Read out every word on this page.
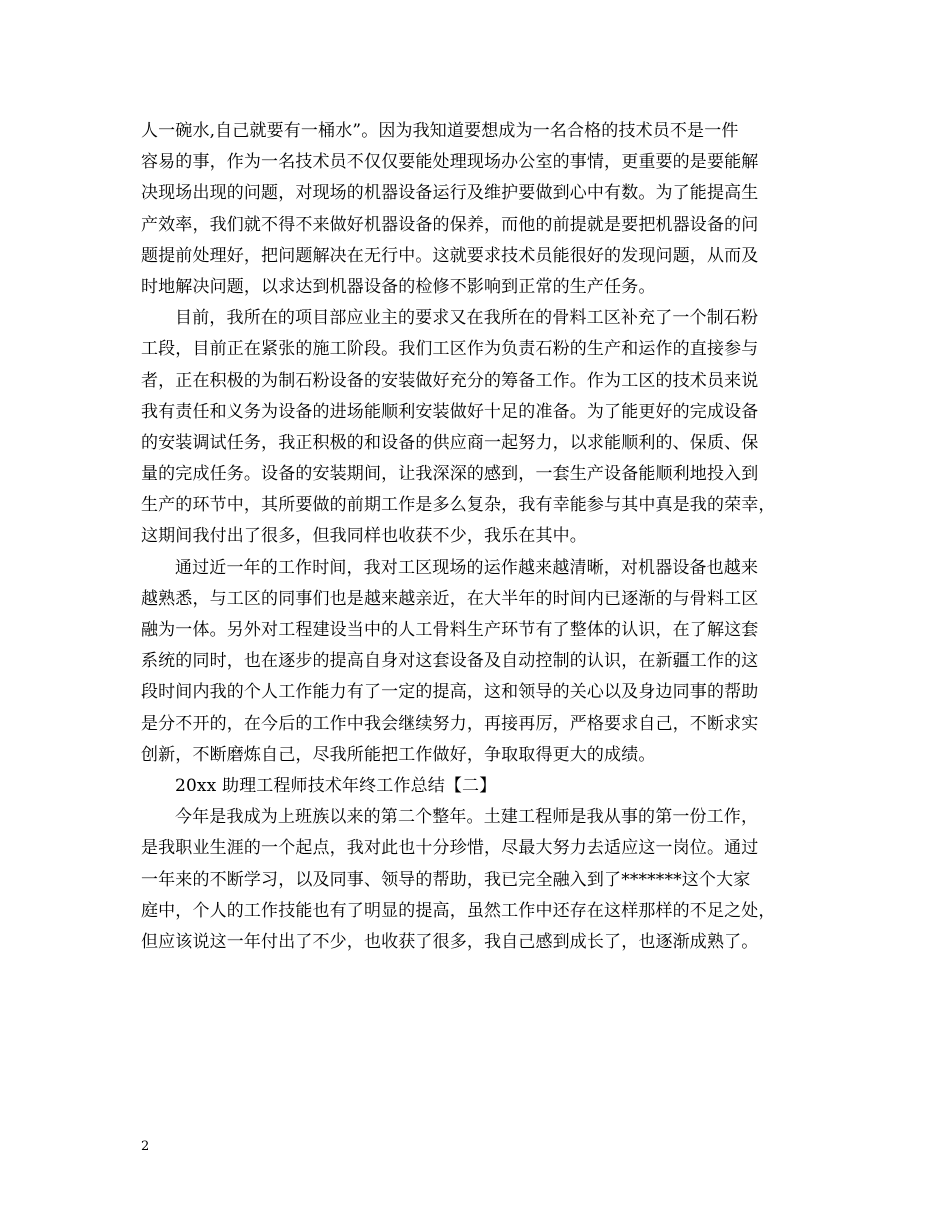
人一碗水,自己就要有一桶水”。因为我知道要想成为一名合格的技术员不是一件
容易的事，作为一名技术员不仅仅要能处理现场办公室的事情，更重要的是要能解
决现场出现的问题，对现场的机器设备运行及维护要做到心中有数。为了能提高生
产效率，我们就不得不来做好机器设备的保养，而他的前提就是要把机器设备的问
题提前处理好，把问题解决在无行中。这就要求技术员能很好的发现问题，从而及
时地解决问题，以求达到机器设备的检修不影响到正常的生产任务。
目前，我所在的项目部应业主的要求又在我所在的骨料工区补充了一个制石粉
工段，目前正在紧张的施工阶段。我们工区作为负责石粉的生产和运作的直接参与
者，正在积极的为制石粉设备的安装做好充分的筹备工作。作为工区的技术员来说
我有责任和义务为设备的进场能顺利安装做好十足的准备。为了能更好的完成设备
的安装调试任务，我正积极的和设备的供应商一起努力，以求能顺利的、保质、保
量的完成任务。设备的安装期间，让我深深的感到，一套生产设备能顺利地投入到
生产的环节中，其所要做的前期工作是多么复杂，我有幸能参与其中真是我的荣幸，
这期间我付出了很多，但我同样也收获不少，我乐在其中。
通过近一年的工作时间，我对工区现场的运作越来越清晰，对机器设备也越来
越熟悉，与工区的同事们也是越来越亲近，在大半年的时间内已逐渐的与骨料工区
融为一体。另外对工程建设当中的人工骨料生产环节有了整体的认识，在了解这套
系统的同时，也在逐步的提高自身对这套设备及自动控制的认识，在新疆工作的这
段时间内我的个人工作能力有了一定的提高，这和领导的关心以及身边同事的帮助
是分不开的，在今后的工作中我会继续努力，再接再厉，严格要求自己，不断求实
创新，不断磨炼自己，尽我所能把工作做好，争取取得更大的成绩。
20xx 助理工程师技术年终工作总结【二】
今年是我成为上班族以来的第二个整年。土建工程师是我从事的第一份工作，
是我职业生涯的一个起点，我对此也十分珍惜，尽最大努力去适应这一岗位。通过
一年来的不断学习，以及同事、领导的帮助，我已完全融入到了*******这个大家
庭中，个人的工作技能也有了明显的提高，虽然工作中还存在这样那样的不足之处，
但应该说这一年付出了不少，也收获了很多，我自己感到成长了，也逐渐成熟了。
2
